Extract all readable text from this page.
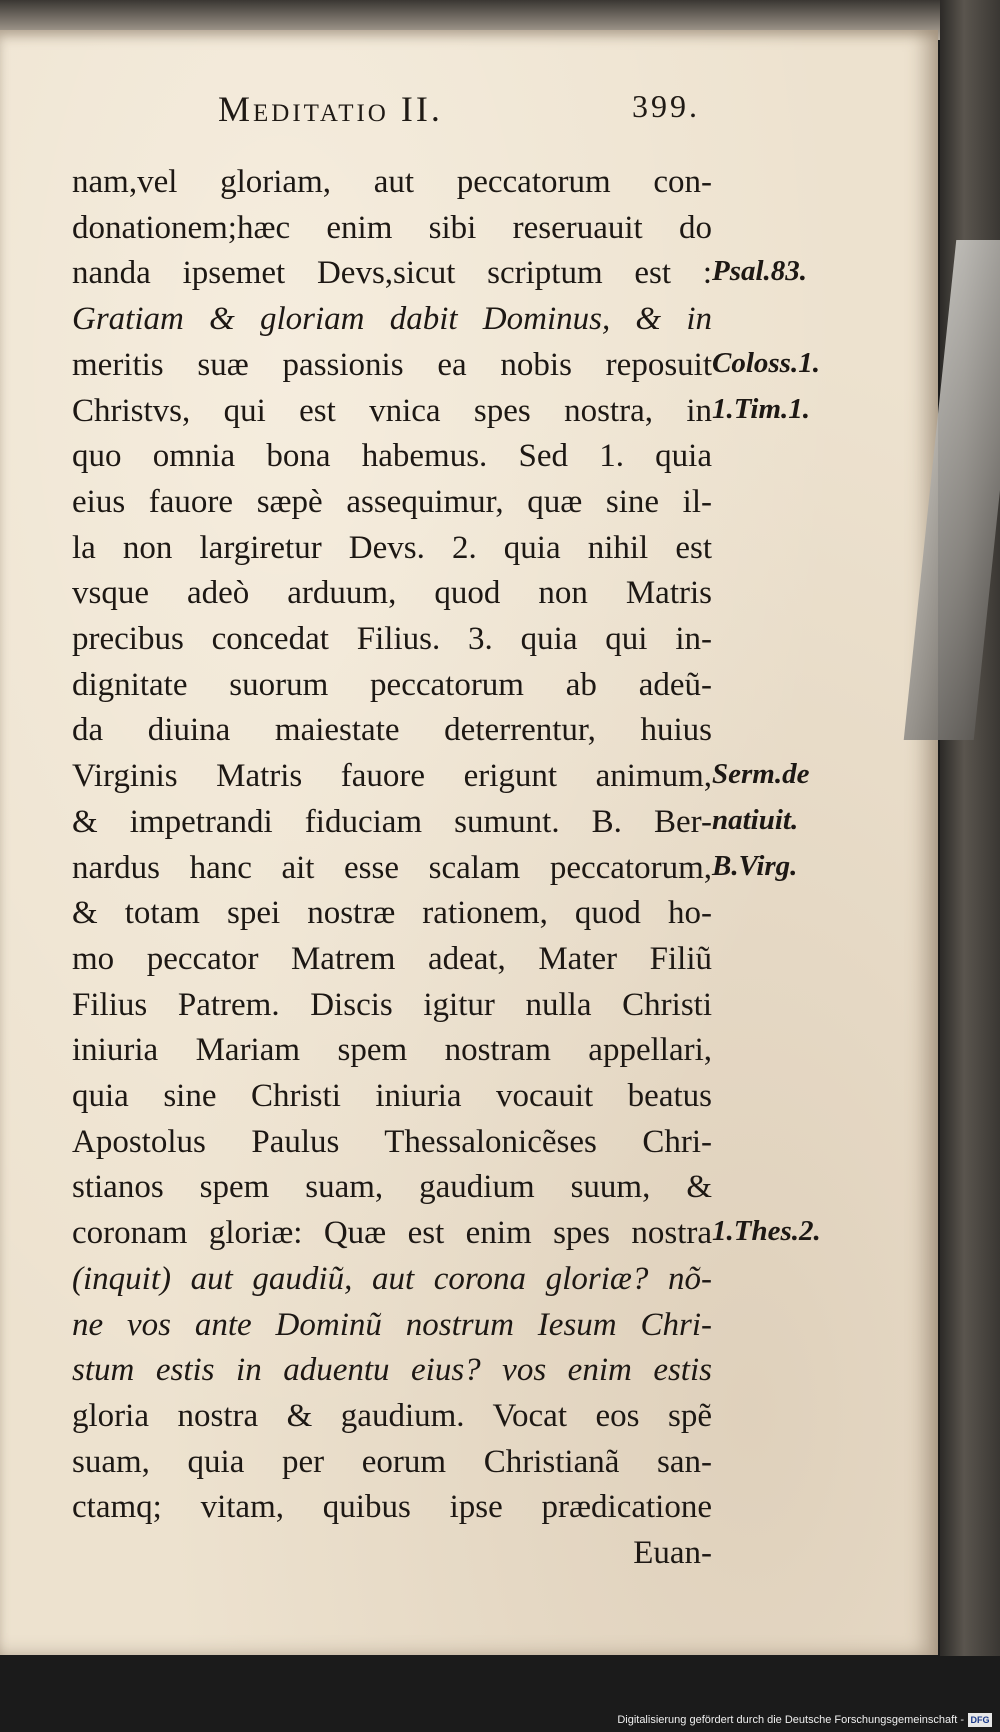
Meditatio II.	399.
nam,vel gloriam, aut peccatorum con-
donationem;hæc enim sibi reseruauit do
nanda ipsemet Devs,sicut scriptum est :
Gratiam & gloriam dabit Dominus, & in
meritis suæ passionis ea nobis reposuit
Christvs, qui est vnica spes nostra, in
quo omnia bona habemus. Sed 1. quia
eius fauore sæpè assequimur, quæ sine il-
la non largiretur Devs. 2. quia nihil est
vsque adeò arduum, quod non Matris
precibus concedat Filius. 3. quia qui in-
dignitate suorum peccatorum ab adeũ-
da diuina maiestate deterrentur, huius
Virginis Matris fauore erigunt animum,
& impetrandi fiduciam sumunt. B. Ber-
nardus hanc ait esse scalam peccatorum,
& totam spei nostræ rationem, quod ho-
mo peccator Matrem adeat, Mater Filiũ
Filius Patrem. Discis igitur nulla Christi
iniuria Mariam spem nostram appellari,
quia sine Christi iniuria vocauit beatus
Apostolus Paulus Thessalonicẽses Chri-
stianos spem suam, gaudium suum, &
coronam gloriæ: Quæ est enim spes nostra
(inquit) aut gaudiũ, aut corona gloriæ? nõ-
ne vos ante Dominũ nostrum Iesum Chri-
stum estis in aduentu eius? vos enim estis
gloria nostra & gaudium. Vocat eos spẽ
suam, quia per eorum Christianã san-
ctamq; vitam, quibus ipse prædicatione
Euan-
Psal.83.
Coloss.1.
1.Tim.1.
Serm.de
natiuit.
B.Virg.
1.Thes.2.
Digitalisierung gefördert durch die Deutsche Forschungsgemeinschaft - DFG
